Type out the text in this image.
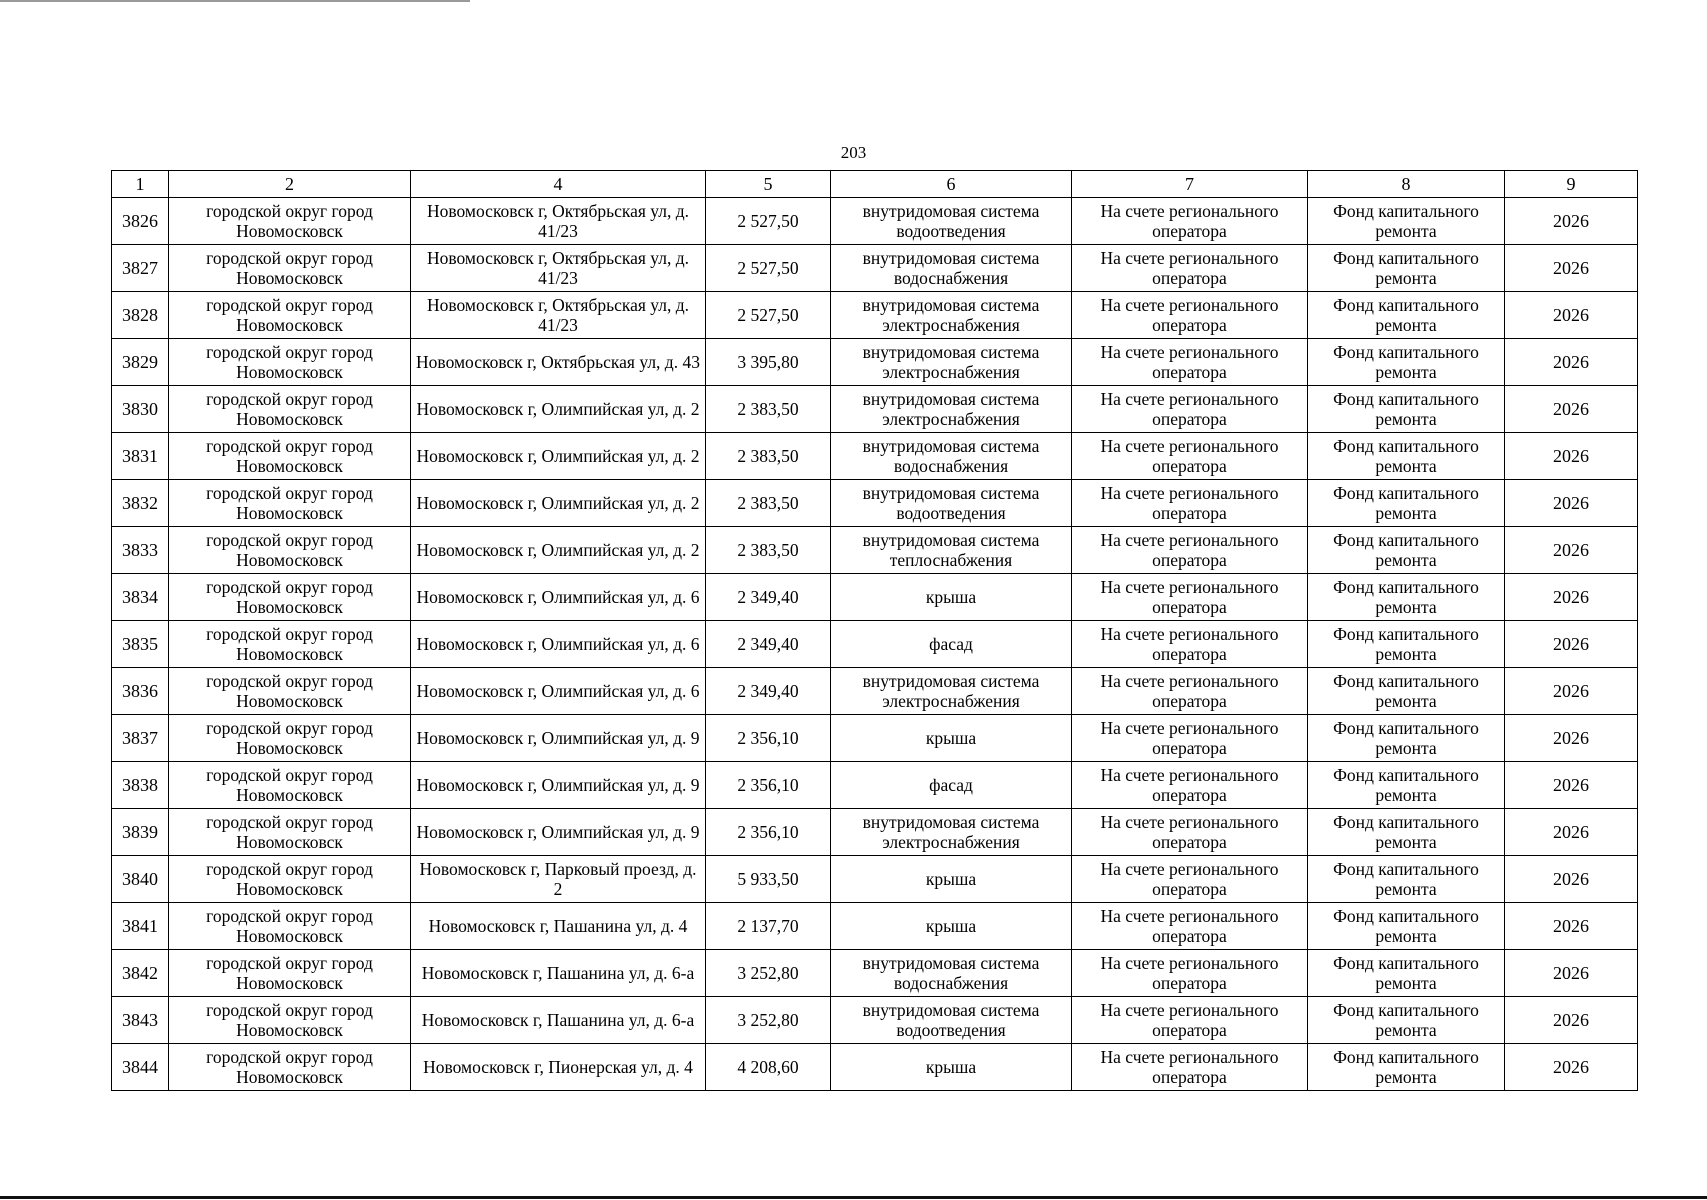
203
1	2	4	5	6	7	8	9
3826	городской округ город Новомосковск	Новомосковск г, Октябрьская ул, д. 41/23	2 527,50	внутридомовая система водоотведения	На счете регионального оператора	Фонд капитального ремонта	2026
3827	городской округ город Новомосковск	Новомосковск г, Октябрьская ул, д. 41/23	2 527,50	внутридомовая система водоснабжения	На счете регионального оператора	Фонд капитального ремонта	2026
3828	городской округ город Новомосковск	Новомосковск г, Октябрьская ул, д. 41/23	2 527,50	внутридомовая система электроснабжения	На счете регионального оператора	Фонд капитального ремонта	2026
3829	городской округ город Новомосковск	Новомосковск г, Октябрьская ул, д. 43	3 395,80	внутридомовая система электроснабжения	На счете регионального оператора	Фонд капитального ремонта	2026
3830	городской округ город Новомосковск	Новомосковск г, Олимпийская ул, д. 2	2 383,50	внутридомовая система электроснабжения	На счете регионального оператора	Фонд капитального ремонта	2026
3831	городской округ город Новомосковск	Новомосковск г, Олимпийская ул, д. 2	2 383,50	внутридомовая система водоснабжения	На счете регионального оператора	Фонд капитального ремонта	2026
3832	городской округ город Новомосковск	Новомосковск г, Олимпийская ул, д. 2	2 383,50	внутридомовая система водоотведения	На счете регионального оператора	Фонд капитального ремонта	2026
3833	городской округ город Новомосковск	Новомосковск г, Олимпийская ул, д. 2	2 383,50	внутридомовая система теплоснабжения	На счете регионального оператора	Фонд капитального ремонта	2026
3834	городской округ город Новомосковск	Новомосковск г, Олимпийская ул, д. 6	2 349,40	крыша	На счете регионального оператора	Фонд капитального ремонта	2026
3835	городской округ город Новомосковск	Новомосковск г, Олимпийская ул, д. 6	2 349,40	фасад	На счете регионального оператора	Фонд капитального ремонта	2026
3836	городской округ город Новомосковск	Новомосковск г, Олимпийская ул, д. 6	2 349,40	внутридомовая система электроснабжения	На счете регионального оператора	Фонд капитального ремонта	2026
3837	городской округ город Новомосковск	Новомосковск г, Олимпийская ул, д. 9	2 356,10	крыша	На счете регионального оператора	Фонд капитального ремонта	2026
3838	городской округ город Новомосковск	Новомосковск г, Олимпийская ул, д. 9	2 356,10	фасад	На счете регионального оператора	Фонд капитального ремонта	2026
3839	городской округ город Новомосковск	Новомосковск г, Олимпийская ул, д. 9	2 356,10	внутридомовая система электроснабжения	На счете регионального оператора	Фонд капитального ремонта	2026
3840	городской округ город Новомосковск	Новомосковск г, Парковый проезд, д. 2	5 933,50	крыша	На счете регионального оператора	Фонд капитального ремонта	2026
3841	городской округ город Новомосковск	Новомосковск г, Пашанина ул, д. 4	2 137,70	крыша	На счете регионального оператора	Фонд капитального ремонта	2026
3842	городской округ город Новомосковск	Новомосковск г, Пашанина ул, д. 6-а	3 252,80	внутридомовая система водоснабжения	На счете регионального оператора	Фонд капитального ремонта	2026
3843	городской округ город Новомосковск	Новомосковск г, Пашанина ул, д. 6-а	3 252,80	внутридомовая система водоотведения	На счете регионального оператора	Фонд капитального ремонта	2026
3844	городской округ город Новомосковск	Новомосковск г, Пионерская ул, д. 4	4 208,60	крыша	На счете регионального оператора	Фонд капитального ремонта	2026
